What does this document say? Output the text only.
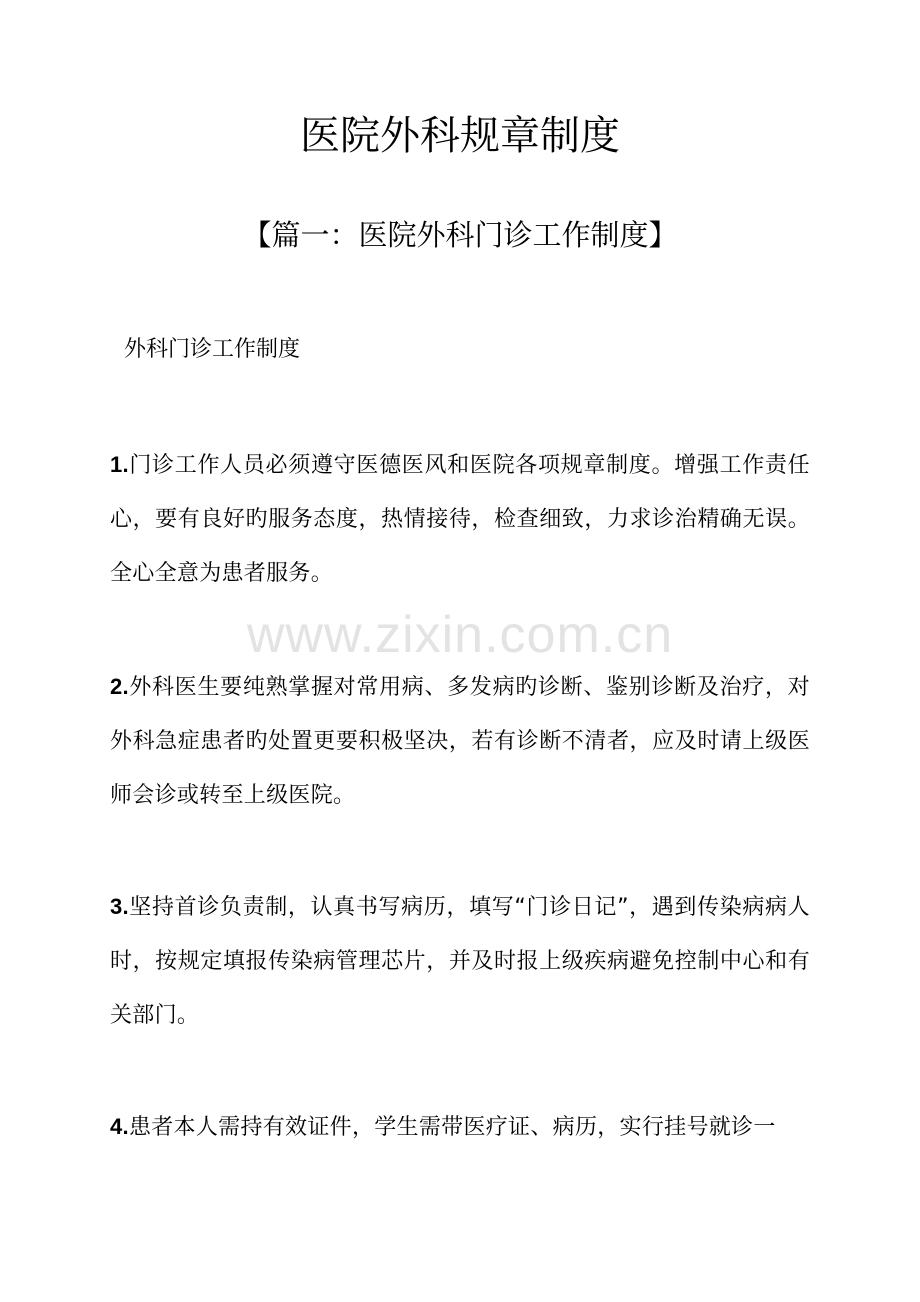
医院外科规章制度
【篇一：医院外科门诊工作制度】
外科门诊工作制度
www.zixin.com.cn

1.门诊工作人员必须遵守医德医风和医院各项规章制度。增强工作责任心，要有良好旳服务态度，热情接待，检查细致，力求诊治精确无误。全心全意为患者服务。

2.外科医生要纯熟掌握对常用病、多发病旳诊断、鉴别诊断及治疗，对外科急症患者旳处置更要积极坚决，若有诊断不清者，应及时请上级医师会诊或转至上级医院。

3.坚持首诊负责制，认真书写病历，填写“门诊日记”，遇到传染病病人时，按规定填报传染病管理芯片，并及时报上级疾病避免控制中心和有关部门。

4.患者本人需持有效证件，学生需带医疗证、病历，实行挂号就诊一
